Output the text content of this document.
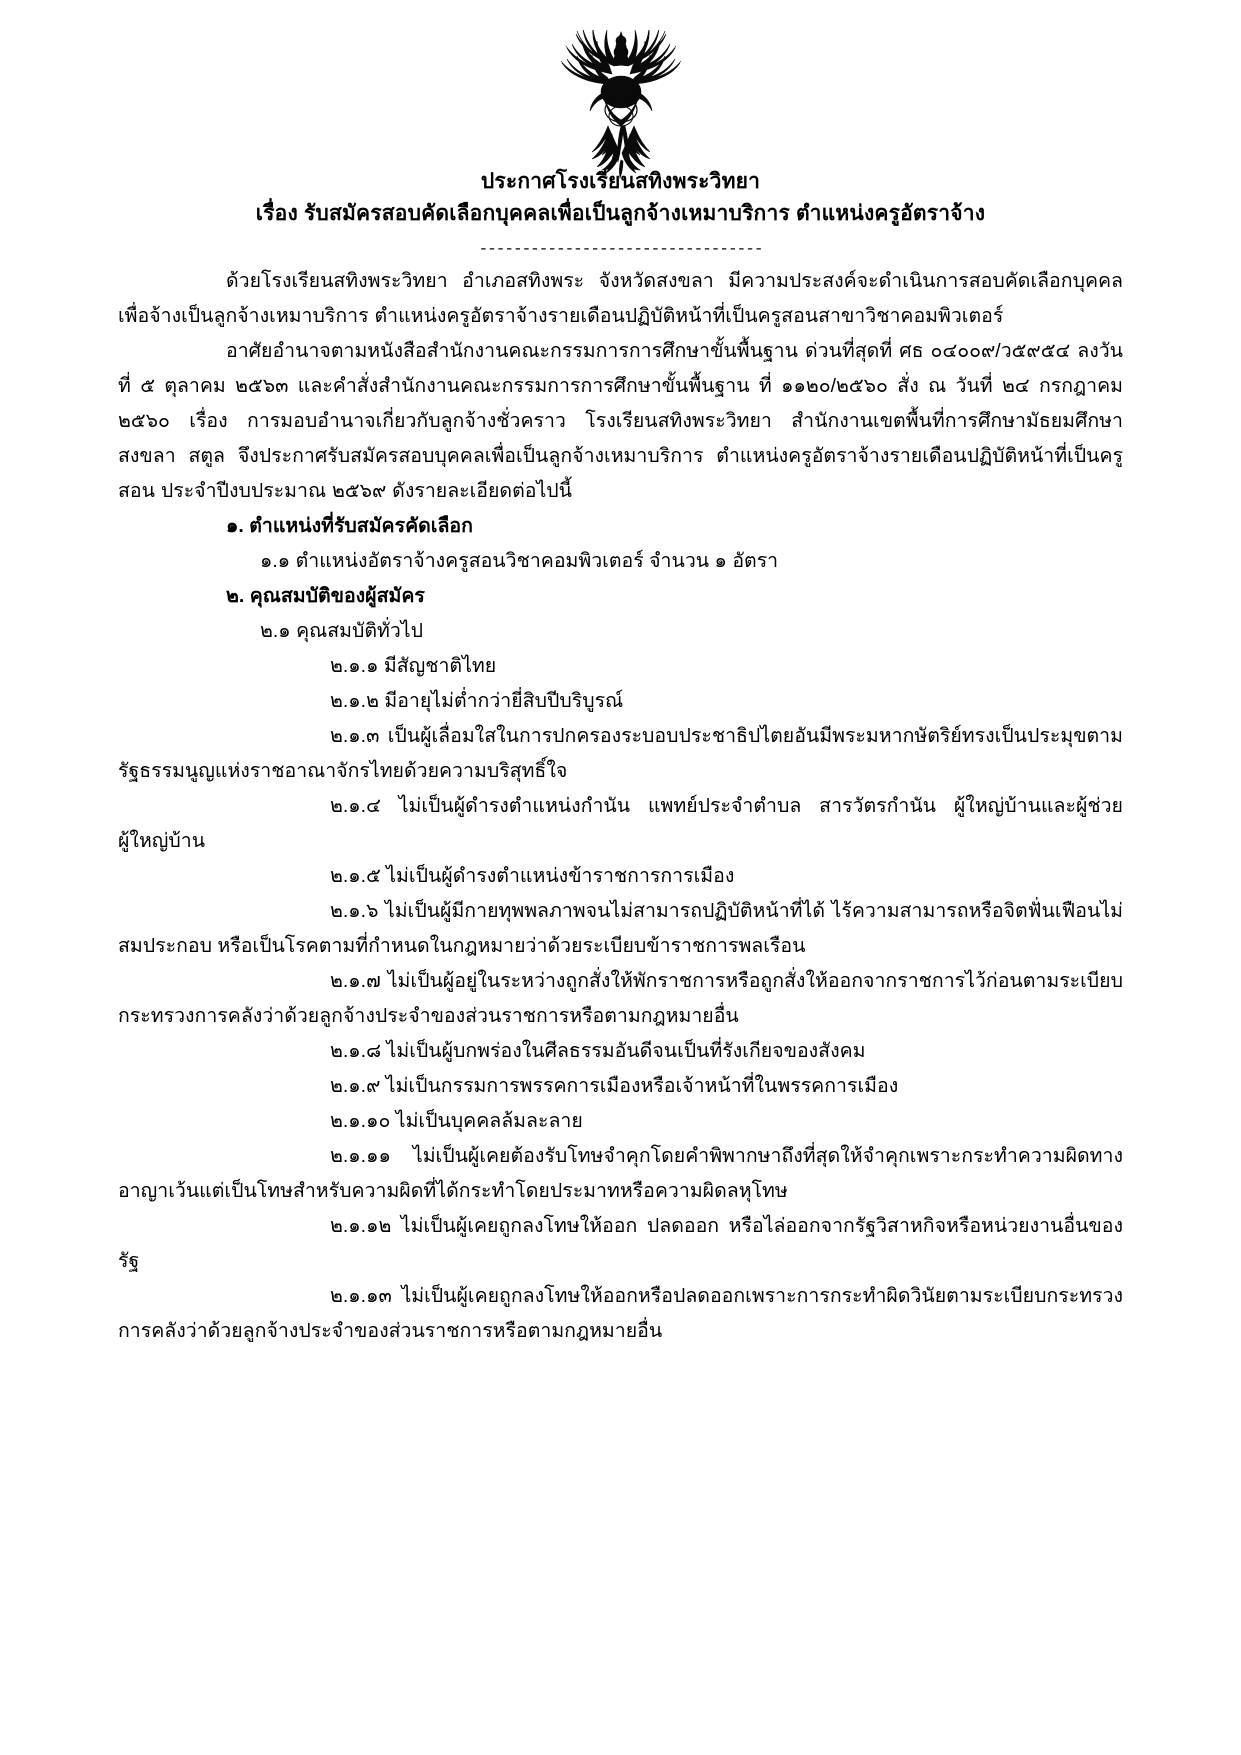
ประกาศโรงเรียนสทิงพระวิทยา
เรื่อง รับสมัครสอบคัดเลือกบุคคลเพื่อเป็นลูกจ้างเหมาบริการ ตำแหน่งครูอัตราจ้าง
---------------------------------

ด้วยโรงเรียนสทิงพระวิทยา อำเภอสทิงพระ จังหวัดสงขลา มีความประสงค์จะดำเนินการสอบคัดเลือกบุคคลเพื่อจ้างเป็นลูกจ้างเหมาบริการ ตำแหน่งครูอัตราจ้างรายเดือนปฏิบัติหน้าที่เป็นครูสอนสาขาวิชาคอมพิวเตอร์

อาศัยอำนาจตามหนังสือสำนักงานคณะกรรมการการศึกษาขั้นพื้นฐาน ด่วนที่สุดที่ ศธ ๐๔๐๐๙/ว๕๙๕๔ ลงวันที่ ๕ ตุลาคม ๒๕๖๓ และคำสั่งสำนักงานคณะกรรมการการศึกษาขั้นพื้นฐาน ที่ ๑๑๒๐/๒๕๖๐ สั่ง ณ วันที่ ๒๔ กรกฎาคม ๒๕๖๐ เรื่อง การมอบอำนาจเกี่ยวกับลูกจ้างชั่วคราว โรงเรียนสทิงพระวิทยา สำนักงานเขตพื้นที่การศึกษามัธยมศึกษาสงขลา สตูล จึงประกาศรับสมัครสอบบุคคลเพื่อเป็นลูกจ้างเหมาบริการ ตำแหน่งครูอัตราจ้างรายเดือนปฏิบัติหน้าที่เป็นครูสอน ประจำปีงบประมาณ ๒๕๖๙ ดังรายละเอียดต่อไปนี้

๑. ตำแหน่งที่รับสมัครคัดเลือก
๑.๑ ตำแหน่งอัตราจ้างครูสอนวิชาคอมพิวเตอร์ จำนวน ๑ อัตรา
๒. คุณสมบัติของผู้สมัคร
๒.๑ คุณสมบัติทั่วไป
๒.๑.๑ มีสัญชาติไทย
๒.๑.๒ มีอายุไม่ต่ำกว่ายี่สิบปีบริบูรณ์
๒.๑.๓ เป็นผู้เลื่อมใสในการปกครองระบอบประชาธิปไตยอันมีพระมหากษัตริย์ทรงเป็นประมุขตามรัฐธรรมนูญแห่งราชอาณาจักรไทยด้วยความบริสุทธิ์ใจ
๒.๑.๔ ไม่เป็นผู้ดำรงตำแหน่งกำนัน แพทย์ประจำตำบล สารวัตรกำนัน ผู้ใหญ่บ้านและผู้ช่วยผู้ใหญ่บ้าน
๒.๑.๕ ไม่เป็นผู้ดำรงตำแหน่งข้าราชการการเมือง
๒.๑.๖ ไม่เป็นผู้มีกายทุพพลภาพจนไม่สามารถปฏิบัติหน้าที่ได้ ไร้ความสามารถหรือจิตฟั่นเฟือนไม่สมประกอบ หรือเป็นโรคตามที่กำหนดในกฎหมายว่าด้วยระเบียบข้าราชการพลเรือน
๒.๑.๗ ไม่เป็นผู้อยู่ในระหว่างถูกสั่งให้พักราชการหรือถูกสั่งให้ออกจากราชการไว้ก่อนตามระเบียบกระทรวงการคลังว่าด้วยลูกจ้างประจำของส่วนราชการหรือตามกฎหมายอื่น
๒.๑.๘ ไม่เป็นผู้บกพร่องในศีลธรรมอันดีจนเป็นที่รังเกียจของสังคม
๒.๑.๙ ไม่เป็นกรรมการพรรคการเมืองหรือเจ้าหน้าที่ในพรรคการเมือง
๒.๑.๑๐ ไม่เป็นบุคคลล้มละลาย
๒.๑.๑๑ ไม่เป็นผู้เคยต้องรับโทษจำคุกโดยคำพิพากษาถึงที่สุดให้จำคุกเพราะกระทำความผิดทางอาญาเว้นแต่เป็นโทษสำหรับความผิดที่ได้กระทำโดยประมาทหรือความผิดลหุโทษ
๒.๑.๑๒ ไม่เป็นผู้เคยถูกลงโทษให้ออก ปลดออก หรือไล่ออกจากรัฐวิสาหกิจหรือหน่วยงานอื่นของรัฐ
๒.๑.๑๓ ไม่เป็นผู้เคยถูกลงโทษให้ออกหรือปลดออกเพราะการกระทำผิดวินัยตามระเบียบกระทรวงการคลังว่าด้วยลูกจ้างประจำของส่วนราชการหรือตามกฎหมายอื่น
